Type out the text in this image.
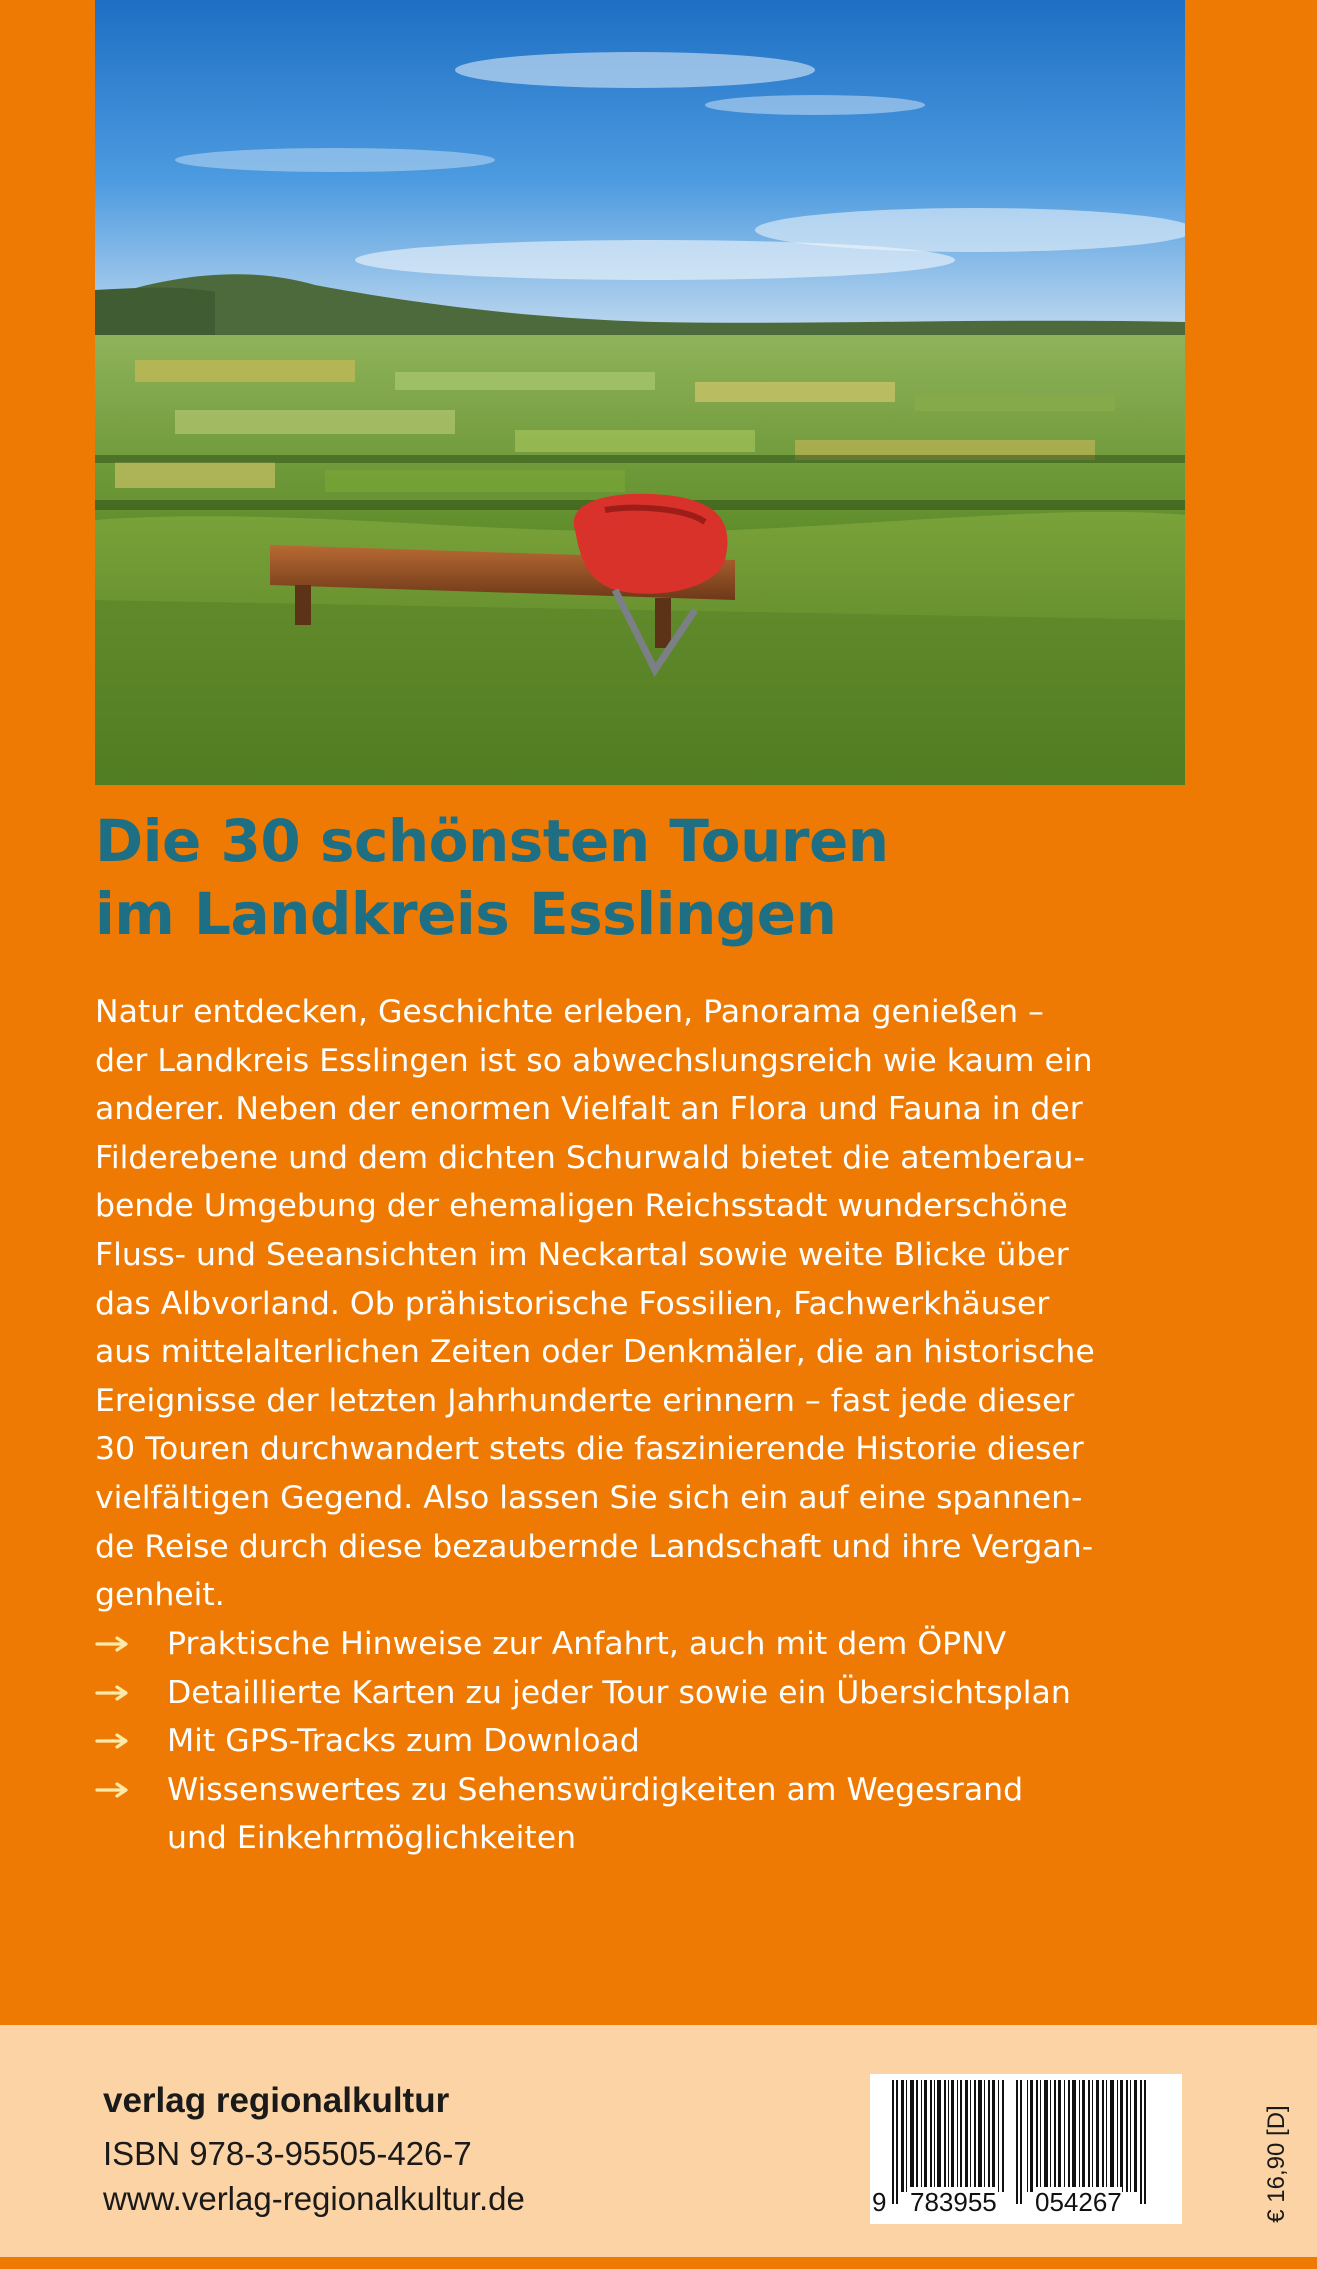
Die 30 schönsten Touren
im Landkreis Esslingen
Natur entdecken, Geschichte erleben, Panorama genießen –
der Landkreis Esslingen ist so abwechslungsreich wie kaum ein
anderer. Neben der enormen Vielfalt an Flora und Fauna in der
Filderebene und dem dichten Schurwald bietet die atemberau-
bende Umgebung der ehemaligen Reichsstadt wunderschöne
Fluss- und Seeansichten im Neckartal sowie weite Blicke über
das Albvorland. Ob prähistorische Fossilien, Fachwerkhäuser
aus mittelalterlichen Zeiten oder Denkmäler, die an historische
Ereignisse der letzten Jahrhunderte erinnern – fast jede dieser
30 Touren durchwandert stets die faszinierende Historie dieser
vielfältigen Gegend. Also lassen Sie sich ein auf eine spannen-
de Reise durch diese bezaubernde Landschaft und ihre Vergan-
genheit.
Praktische Hinweise zur Anfahrt, auch mit dem ÖPNV
Detaillierte Karten zu jeder Tour sowie ein Übersichtsplan
Mit GPS-Tracks zum Download
Wissenswertes zu Sehenswürdigkeiten am Wegesrand
und Einkehrmöglichkeiten
verlag regionalkultur
ISBN 978-3-95505-426-7
www.verlag-regionalkultur.de	9 783955 054267	€ 16,90 [D]
